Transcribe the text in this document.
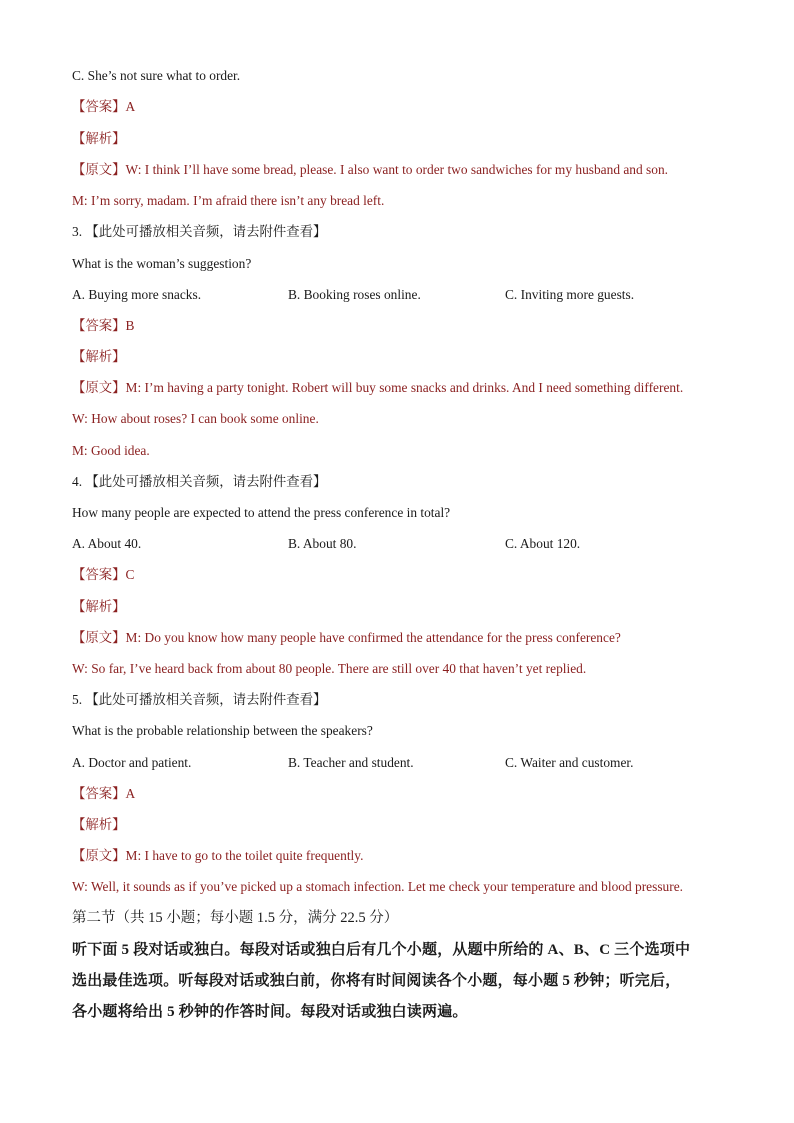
C. She’s not sure what to order.
【答案】A
【解析】
【原文】W: I think I’ll have some bread, please. I also want to order two sandwiches for my husband and son.
M: I’m sorry, madam. I’m afraid there isn’t any bread left.
3. 【此处可播放相关音频，请去附件查看】
What is the woman’s suggestion?
A. Buying more snacks.	B. Booking roses online.	C. Inviting more guests.
【答案】B
【解析】
【原文】M: I’m having a party tonight. Robert will buy some snacks and drinks. And I need something different.
W: How about roses? I can book some online.
M: Good idea.
4. 【此处可播放相关音频，请去附件查看】
How many people are expected to attend the press conference in total?
A. About 40.	B. About 80.	C. About 120.
【答案】C
【解析】
【原文】M: Do you know how many people have confirmed the attendance for the press conference?
W: So far, I’ve heard back from about 80 people. There are still over 40 that haven’t yet replied.
5. 【此处可播放相关音频，请去附件查看】
What is the probable relationship between the speakers?
A. Doctor and patient.	B. Teacher and student.	C. Waiter and customer.
【答案】A
【解析】
【原文】M: I have to go to the toilet quite frequently.
W: Well, it sounds as if you’ve picked up a stomach infection. Let me check your temperature and blood pressure.
第二节（共 15 小题；每小题 1.5 分，满分 22.5 分）
听下面 5 段对话或独白。每段对话或独白后有几个小题，从题中所给的 A、B、C 三个选项中
选出最佳选项。听每段对话或独白前，你将有时间阅读各个小题，每小题 5 秒钟；听完后，
各小题将给出 5 秒钟的作答时间。每段对话或独白读两遍。
